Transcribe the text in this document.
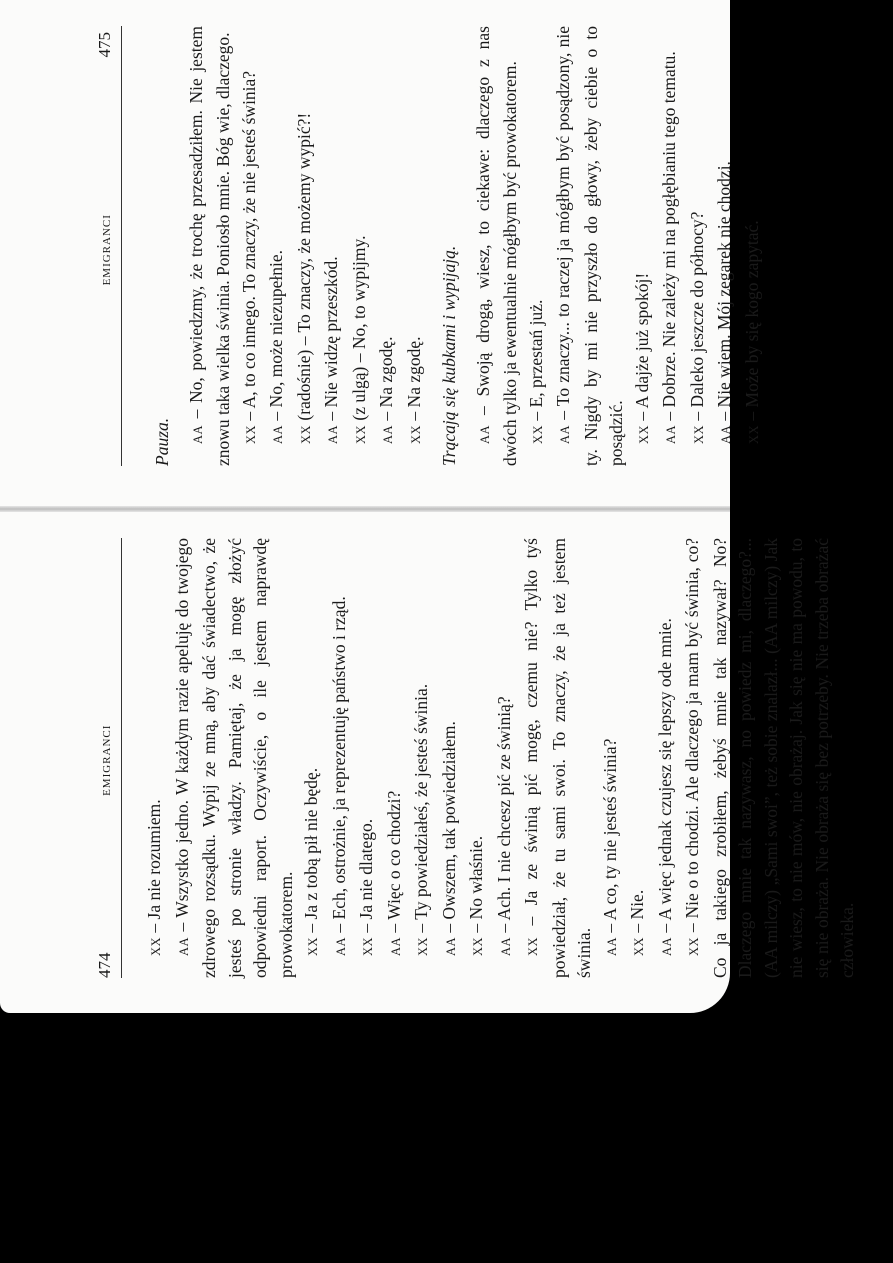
EMIGRANCI
475

Pauza.	AA – No, powiedzmy, że trochę przesadziłem. Nie jestem znowu taka wielka świnia. Poniosło mnie. Bóg wie, dlaczego. XX – A, to co innego. To znaczy, że nie jesteś świnia?

AA – No, może niezupełnie.

XX (radośnie) – To znaczy, że możemy wypić?!

AA – Nie widzę przeszkód.

XX (z ulgą) – No, to wypijmy.

AA – Na zgodę.

XX – Na zgodę. Trącają się kubkami i wypijają.	AA – Swoją drogą, wiesz, to ciekawe: dlaczego z nas dwóch tylko ja ewentualnie mógłbym być prowokatorem. XX – E, przestań już.

AA – To znaczy... to raczej ja mógłbym być posądzony, nie ty. Nigdy by mi nie przyszło do głowy, żeby ciebie o to posądzić. XX – A dajże już spokój!

AA – Dobrze. Nie zależy mi na pogłębianiu tego tematu.

XX – Daleko jeszcze do północy?

AA – Nie wiem. Mój zegarek nie chodzi.

XX – Może by się kogo zapytać.

474
EMIGRANCI

XX – Ja nie rozumiem.

AA – Wszystko jedno. W każdym razie apeluję do twojego zdrowego rozsądku. Wypij ze mną, aby dać świadectwo, że jesteś po stronie władzy. Pamiętaj, że ja mogę złożyć odpowiedni raport. Oczywiście, o ile jestem naprawdę prowokatorem. XX – Ja z tobą pił nie będę.

AA – Ech, ostrożnie, ja reprezentuję państwo i rząd.

XX – Ja nie dlatego.

AA – Więc o co chodzi?

XX – Ty powiedziałeś, że jesteś świnia.

AA – Owszem, tak powiedziałem.

XX – No właśnie.

AA – Ach. I nie chcesz pić ze świnią?

XX – Ja ze świnią pić mogę, czemu nie? Tylko tyś powiedział, że tu sami swoi. To znaczy, że ja też jestem świnia. AA – A co, ty nie jesteś świnia?

XX – Nie.

AA – A więc jednak czujesz się lepszy ode mnie.

XX – Nie o to chodzi. Ale dlaczego ja mam być świnia, co? Co ja takiego zrobiłem, żebyś mnie tak nazywał? No? Dlaczego mnie tak nazywasz, no powiedz mi, dlaczego?... (AA milczy) „Sami swoi”, też sobie znalazł... (AA milczy) Jak nie wiesz, to nie mów, nie obrażaj. Jak się nie ma powodu, to się nie obraża. Nie obraża się bez potrzeby. Nie trzeba obrażać człowieka.
